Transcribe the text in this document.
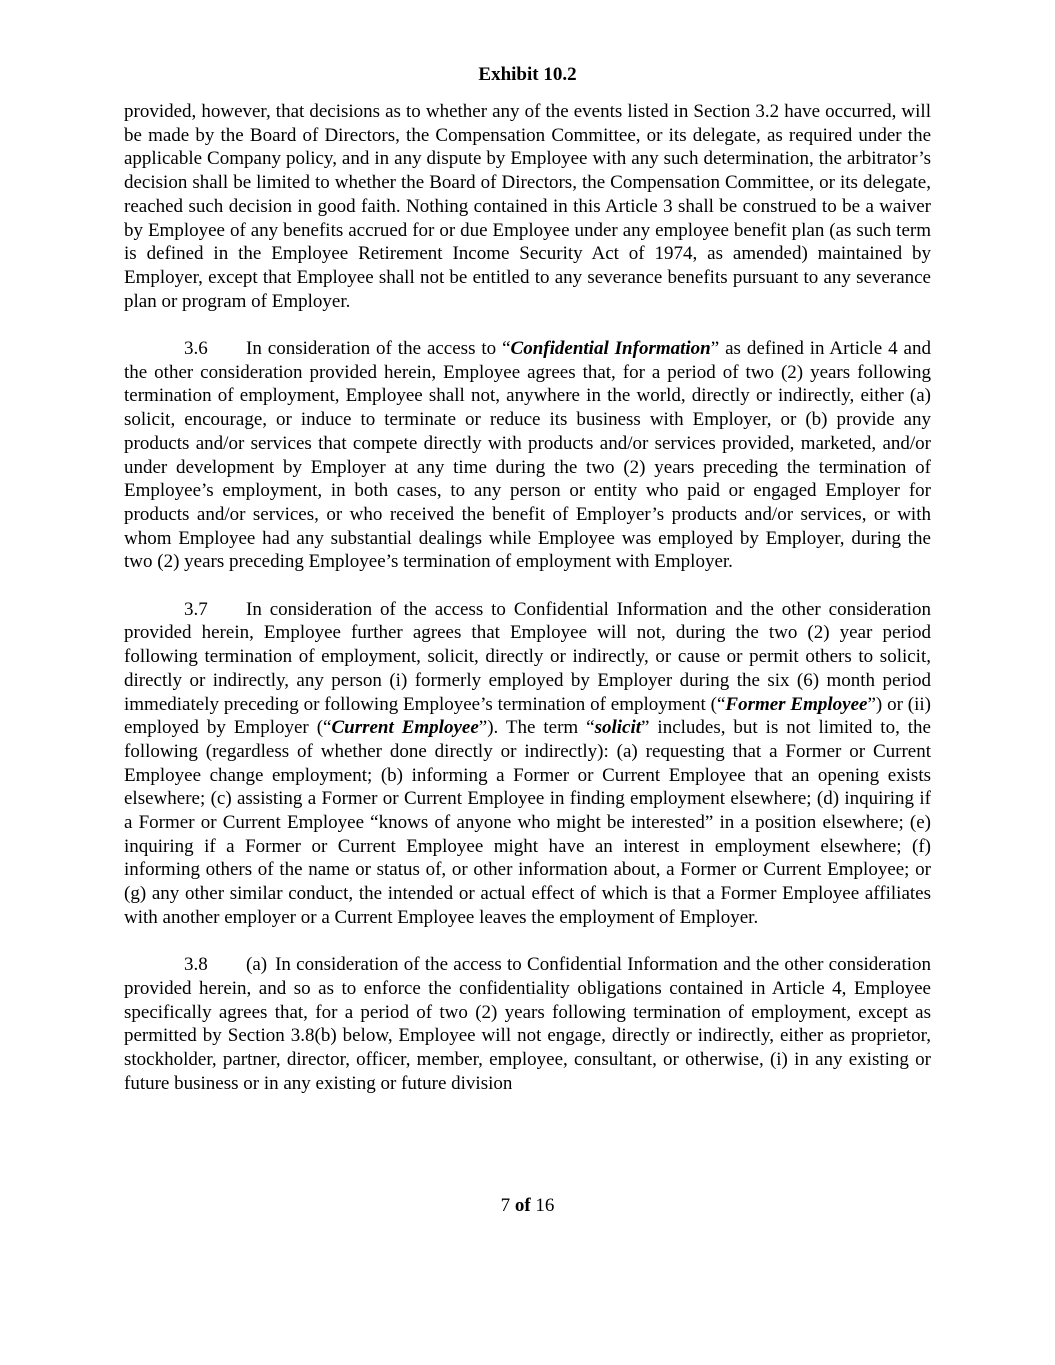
Exhibit 10.2

provided, however, that decisions as to whether any of the events listed in Section 3.2 have occurred, will be made by the Board of Directors, the Compensation Committee, or its delegate, as required under the applicable Company policy, and in any dispute by Employee with any such determination, the arbitrator’s decision shall be limited to whether the Board of Directors, the Compensation Committee, or its delegate, reached such decision in good faith. Nothing contained in this Article 3 shall be construed to be a waiver by Employee of any benefits accrued for or due Employee under any employee benefit plan (as such term is defined in the Employee Retirement Income Security Act of 1974, as amended) maintained by Employer, except that Employee shall not be entitled to any severance benefits pursuant to any severance plan or program of Employer.

3.6 In consideration of the access to “Confidential Information” as defined in Article 4 and the other consideration provided herein, Employee agrees that, for a period of two (2) years following termination of employment, Employee shall not, anywhere in the world, directly or indirectly, either (a) solicit, encourage, or induce to terminate or reduce its business with Employer, or (b) provide any products and/or services that compete directly with products and/or services provided, marketed, and/or under development by Employer at any time during the two (2) years preceding the termination of Employee’s employment, in both cases, to any person or entity who paid or engaged Employer for products and/or services, or who received the benefit of Employer’s products and/or services, or with whom Employee had any substantial dealings while Employee was employed by Employer, during the two (2) years preceding Employee’s termination of employment with Employer.

3.7 In consideration of the access to Confidential Information and the other consideration provided herein, Employee further agrees that Employee will not, during the two (2) year period following termination of employment, solicit, directly or indirectly, or cause or permit others to solicit, directly or indirectly, any person (i) formerly employed by Employer during the six (6) month period immediately preceding or following Employee’s termination of employment (“Former Employee”) or (ii) employed by Employer (“Current Employee”). The term “solicit” includes, but is not limited to, the following (regardless of whether done directly or indirectly): (a) requesting that a Former or Current Employee change employment; (b) informing a Former or Current Employee that an opening exists elsewhere; (c) assisting a Former or Current Employee in finding employment elsewhere; (d) inquiring if a Former or Current Employee “knows of anyone who might be interested” in a position elsewhere; (e) inquiring if a Former or Current Employee might have an interest in employment elsewhere; (f) informing others of the name or status of, or other information about, a Former or Current Employee; or (g) any other similar conduct, the intended or actual effect of which is that a Former Employee affiliates with another employer or a Current Employee leaves the employment of Employer.

3.8 (a) In consideration of the access to Confidential Information and the other consideration provided herein, and so as to enforce the confidentiality obligations contained in Article 4, Employee specifically agrees that, for a period of two (2) years following termination of employment, except as permitted by Section 3.8(b) below, Employee will not engage, directly or indirectly, either as proprietor, stockholder, partner, director, officer, member, employee, consultant, or otherwise, (i) in any existing or future business or in any existing or future division

7 of 16
